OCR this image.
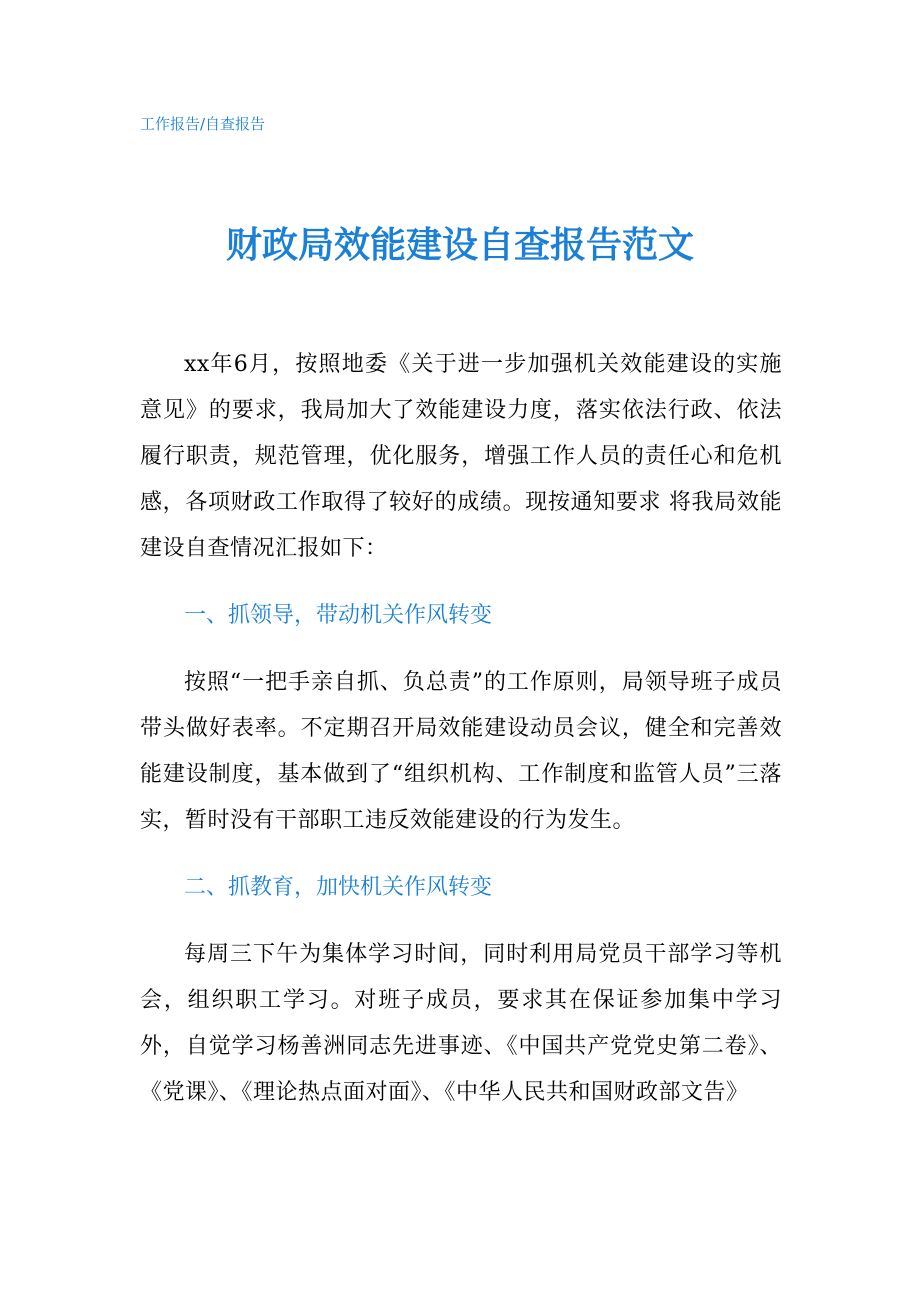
工作报告/自查报告
财政局效能建设自查报告范文

xx年6月，按照地委《关于进一步加强机关效能建设的实施意见》的要求，我局加大了效能建设力度，落实依法行政、依法履行职责，规范管理，优化服务，增强工作人员的责任心和危机感，各项财政工作取得了较好的成绩。现按通知要求 将我局效能建设自查情况汇报如下：

一、抓领导，带动机关作风转变

按照“一把手亲自抓、负总责”的工作原则，局领导班子成员带头做好表率。不定期召开局效能建设动员会议，健全和完善效能建设制度，基本做到了“组织机构、工作制度和监管人员”三落实，暂时没有干部职工违反效能建设的行为发生。

二、抓教育，加快机关作风转变

每周三下午为集体学习时间，同时利用局党员干部学习等机会，组织职工学习。对班子成员，要求其在保证参加集中学习外，自觉学习杨善洲同志先进事迹、《中国共产党党史第二卷》、《党课》、《理论热点面对面》、《中华人民共和国财政部文告》
